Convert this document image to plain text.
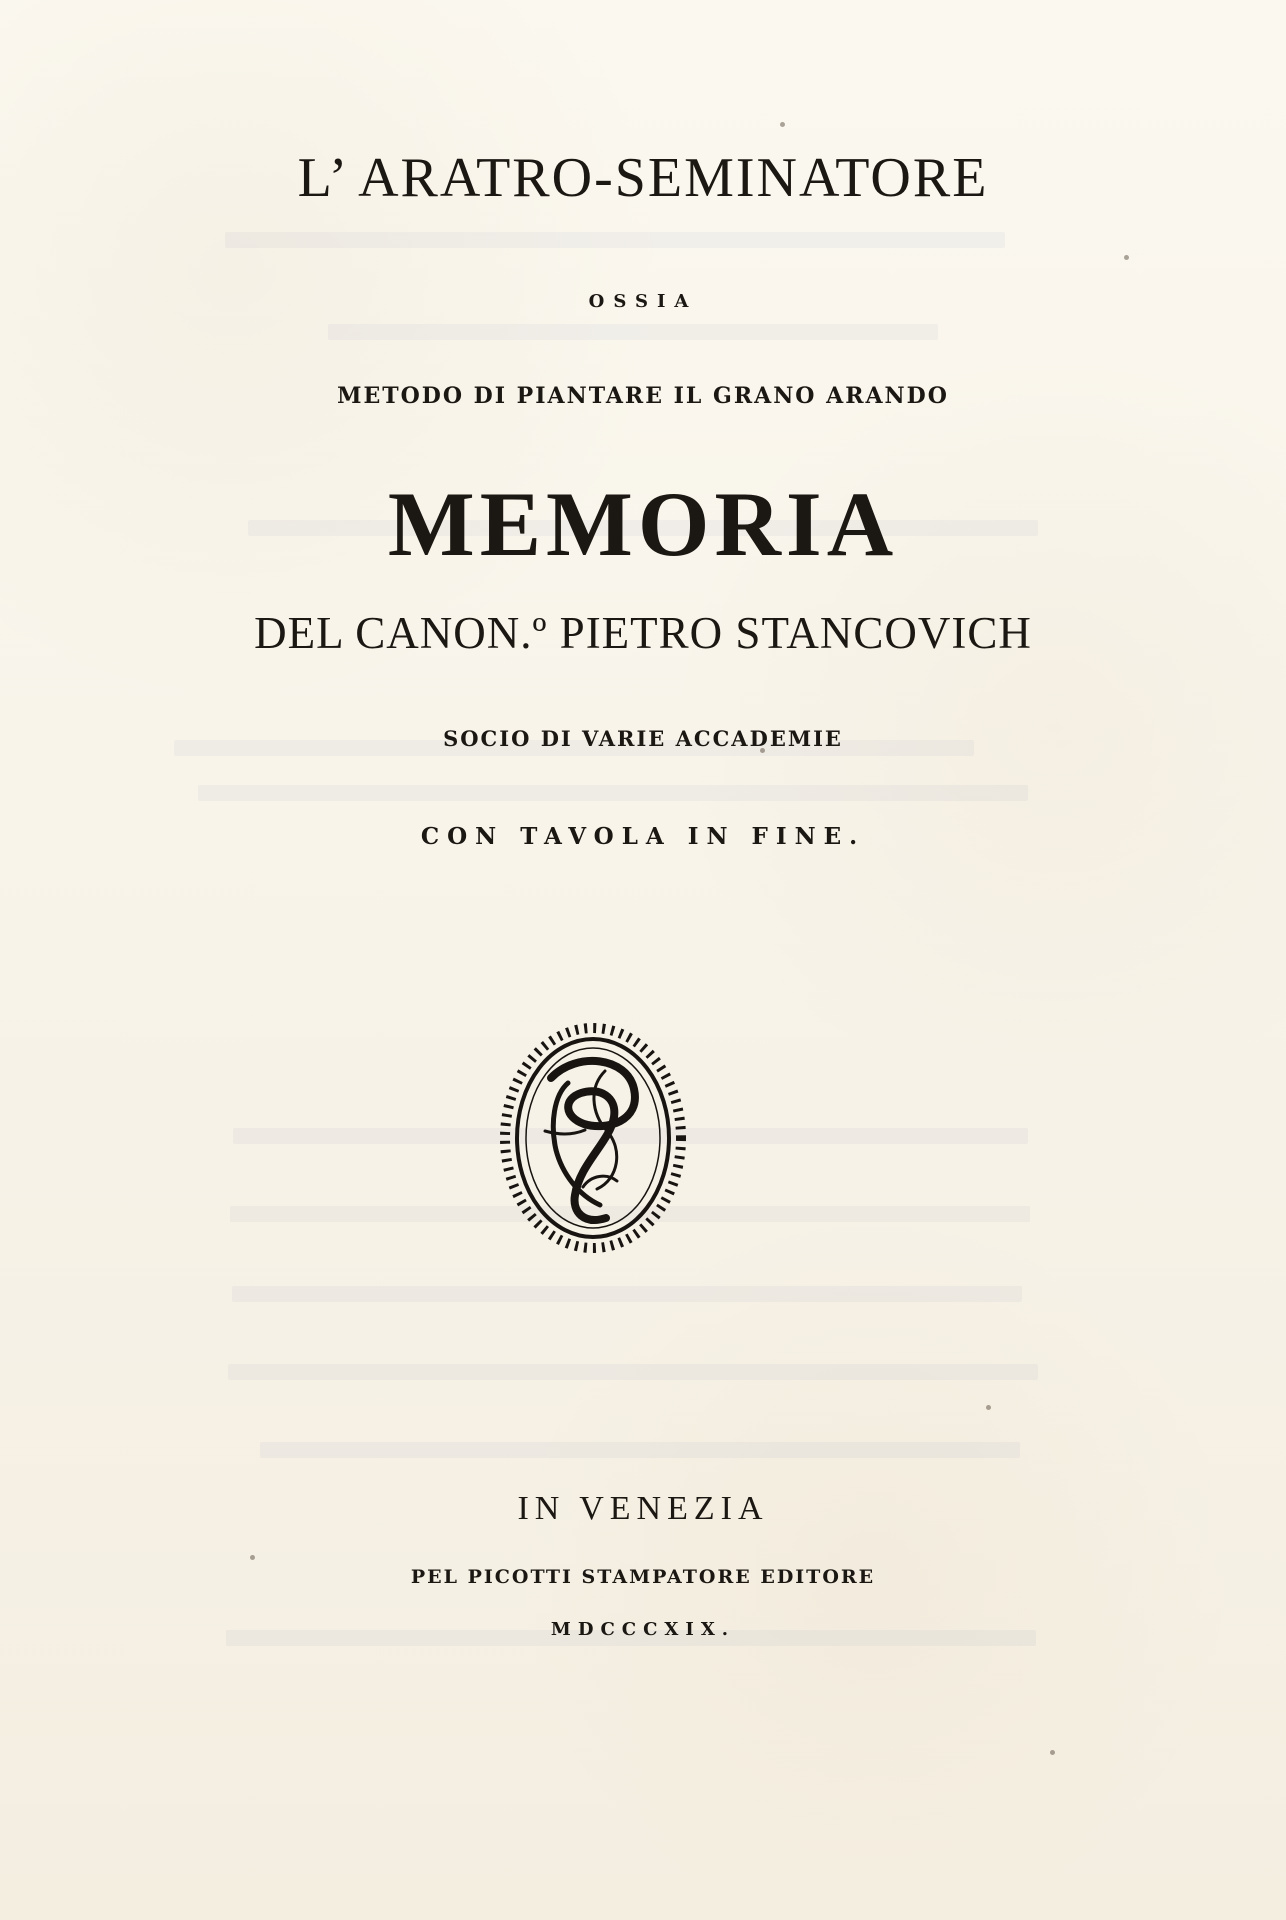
L’ ARATRO-SEMINATORE
OSSIA
METODO DI PIANTARE IL GRANO ARANDO
MEMORIA
DEL CANON.º PIETRO STANCOVICH
SOCIO DI VARIE ACCADEMIE
CON TAVOLA IN FINE.
IN VENEZIA
PEL PICOTTI STAMPATORE EDITORE
MDCCCXIX.
